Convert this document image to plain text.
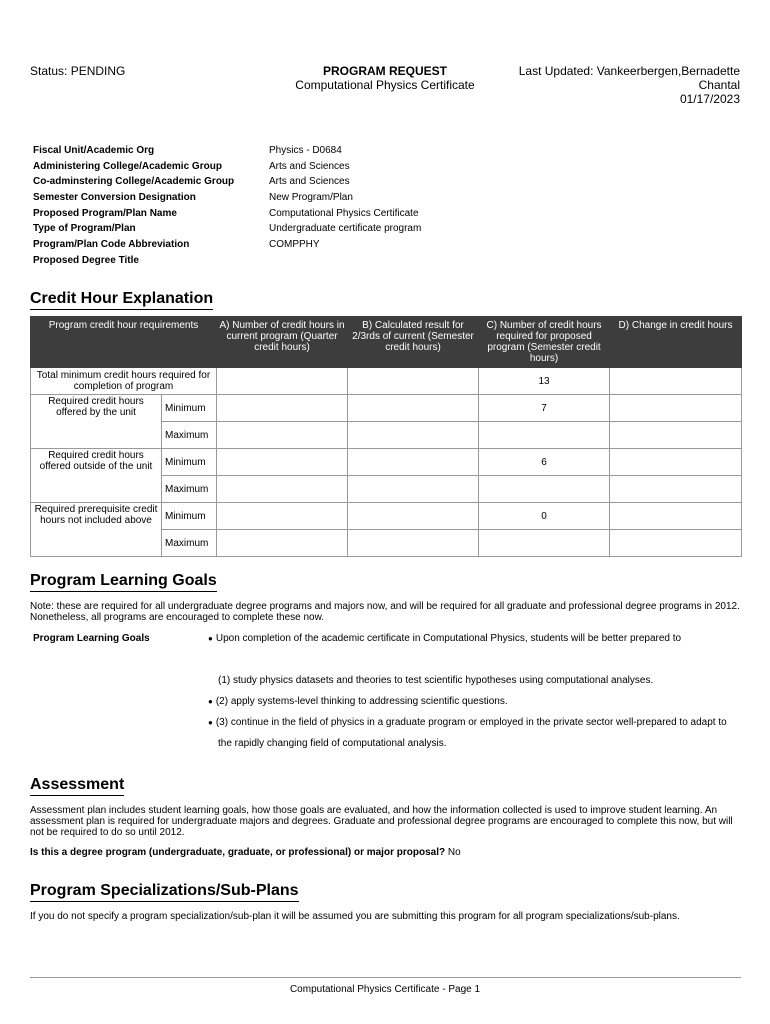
Status: PENDING	PROGRAM REQUEST
Computational Physics Certificate
Last Updated: Vankeerbergen,Bernadette
Chantal
01/17/2023
Fiscal Unit/Academic Org	Physics - D0684
Administering College/Academic Group	Arts and Sciences
Co-adminstering College/Academic Group	Arts and Sciences
Semester Conversion Designation	New Program/Plan
Proposed Program/Plan Name	Computational Physics Certificate
Type of Program/Plan	Undergraduate certificate program
Program/Plan Code Abbreviation	COMPPHY
Proposed Degree Title
Credit Hour Explanation
Program credit hour requirements		A) Number of credit hours in current program (Quarter credit hours)	B) Calculated result for 2/3rds of current (Semester credit hours)	C) Number of credit hours required for proposed program (Semester credit hours)	D) Change in credit hours
Total minimum credit hours required for completion of program				13	
Required credit hours offered by the unit	Minimum			7	
	Maximum				
Required credit hours offered outside of the unit	Minimum			6	
	Maximum				
Required prerequisite credit hours not included above	Minimum			0	
	Maximum				
Program Learning Goals
Note: these are required for all undergraduate degree programs and majors now, and will be required for all graduate and professional degree programs in 2012. Nonetheless, all programs are encouraged to complete these now.
Program Learning Goals	● Upon completion of the academic certificate in Computational Physics, students will be better prepared to
(1) study physics datasets and theories to test scientific hypotheses using computational analyses.
● (2) apply systems-level thinking to addressing scientific questions.
● (3) continue in the field of physics in a graduate program or employed in the private sector well-prepared to adapt to
the rapidly changing field of computational analysis.
Assessment
Assessment plan includes student learning goals, how those goals are evaluated, and how the information collected is used to improve student learning. An assessment plan is required for undergraduate majors and degrees. Graduate and professional degree programs are encouraged to complete this now, but will not be required to do so until 2012.
Is this a degree program (undergraduate, graduate, or professional) or major proposal? No
Program Specializations/Sub-Plans
If you do not specify a program specialization/sub-plan it will be assumed you are submitting this program for all program specializations/sub-plans.
Computational Physics Certificate - Page 1
